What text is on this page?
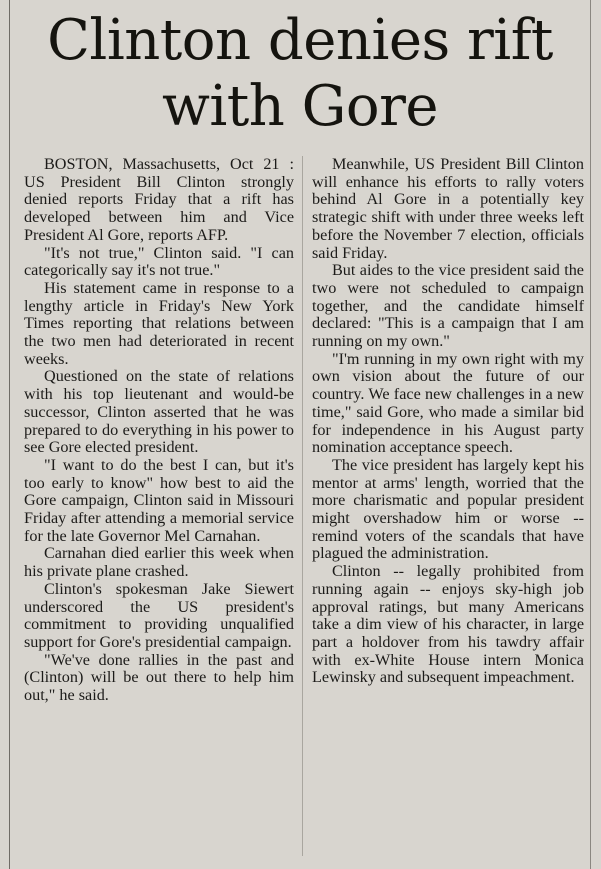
Clinton denies rift
with Gore

BOSTON, Massachusetts, Oct 21 : US President Bill Clinton strongly denied reports Friday that a rift has developed between him and Vice President Al Gore, reports AFP.

"It's not true," Clinton said. "I can categorically say it's not true."

His statement came in response to a lengthy article in Friday's New York Times reporting that relations between the two men had deteriorated in recent weeks.

Questioned on the state of relations with his top lieutenant and would-be successor, Clinton asserted that he was prepared to do everything in his power to see Gore elected president.

"I want to do the best I can, but it's too early to know" how best to aid the Gore campaign, Clinton said in Missouri Friday after attending a memorial service for the late Governor Mel Carnahan.

Carnahan died earlier this week when his private plane crashed.

Clinton's spokesman Jake Siewert underscored the US president's commitment to providing unqualified support for Gore's presidential campaign.

"We've done rallies in the past and (Clinton) will be out there to help him out," he said.

Meanwhile, US President Bill Clinton will enhance his efforts to rally voters behind Al Gore in a potentially key strategic shift with under three weeks left before the November 7 election, officials said Friday.

But aides to the vice president said the two were not scheduled to campaign together, and the candidate himself declared: "This is a campaign that I am running on my own."

"I'm running in my own right with my own vision about the future of our country. We face new challenges in a new time," said Gore, who made a similar bid for independence in his August party nomination acceptance speech.

The vice president has largely kept his mentor at arms' length, worried that the more charismatic and popular president might overshadow him or worse -- remind voters of the scandals that have plagued the administration.

Clinton -- legally prohibited from running again -- enjoys sky-high job approval ratings, but many Americans take a dim view of his character, in large part a holdover from his tawdry affair with ex-White House intern Monica Lewinsky and subsequent impeachment.
